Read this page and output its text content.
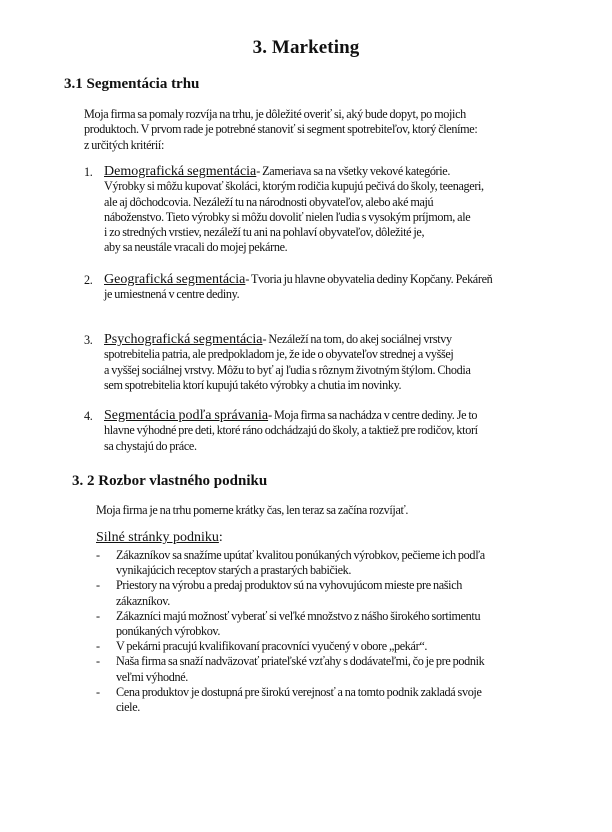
3. Marketing
3.1 Segmentácia trhu
Moja firma sa pomaly rozvíja na trhu, je dôležité overiť si, aký bude dopyt, po mojich
produktoch. V prvom rade je potrebné stanoviť si segment spotrebiteľov, ktorý členíme:
z určitých kritérií:
1. Demografická segmentácia- Zameriava sa na všetky vekové kategórie.
Výrobky si môžu kupovať školáci, ktorým rodičia kupujú pečivá do školy, teenageri,
ale aj dôchodcovia. Nezáleží tu na národnosti obyvateľov, alebo aké majú
náboženstvo. Tieto výrobky si môžu dovoliť nielen ľudia s vysokým príjmom, ale
i zo stredných vrstiev, nezáleží tu ani na pohlaví obyvateľov, dôležité je,
aby sa neustále vracali do mojej pekárne.
2. Geografická segmentácia- Tvoria ju hlavne obyvatelia dediny Kopčany. Pekáreň
je umiestnená v centre dediny.
3. Psychografická segmentácia- Nezáleží na tom, do akej sociálnej vrstvy
spotrebitelia patria, ale predpokladom je, že ide o obyvateľov strednej a vyššej
a vyššej sociálnej vrstvy. Môžu to byť aj ľudia s rôznym životným štýlom. Chodia
sem spotrebitelia ktorí kupujú takéto výrobky a chutia im novinky.
4. Segmentácia podľa správania- Moja firma sa nachádza v centre dediny. Je to
hlavne výhodné pre deti, ktoré ráno odchádzajú do školy, a taktiež pre rodičov, ktorí
sa chystajú do práce.
3. 2 Rozbor vlastného podniku
Moja firma je na trhu pomerne krátky čas, len teraz sa začína rozvíjať.
Silné stránky podniku:
- Zákazníkov sa snažíme upútať kvalitou ponúkaných výrobkov, pečieme ich podľa
vynikajúcich receptov starých a prastarých babičiek.
- Priestory na výrobu a predaj produktov sú na vyhovujúcom mieste pre našich
zákazníkov.
- Zákazníci majú možnosť vyberať si veľké množstvo z nášho širokého sortimentu
ponúkaných výrobkov.
- V pekárni pracujú kvalifikovaní pracovníci vyučený v obore „pekár“.
- Naša firma sa snaží nadväzovať priateľské vzťahy s dodávateľmi, čo je pre podnik
veľmi výhodné.
- Cena produktov je dostupná pre širokú verejnosť a na tomto podnik zakladá svoje
ciele.
